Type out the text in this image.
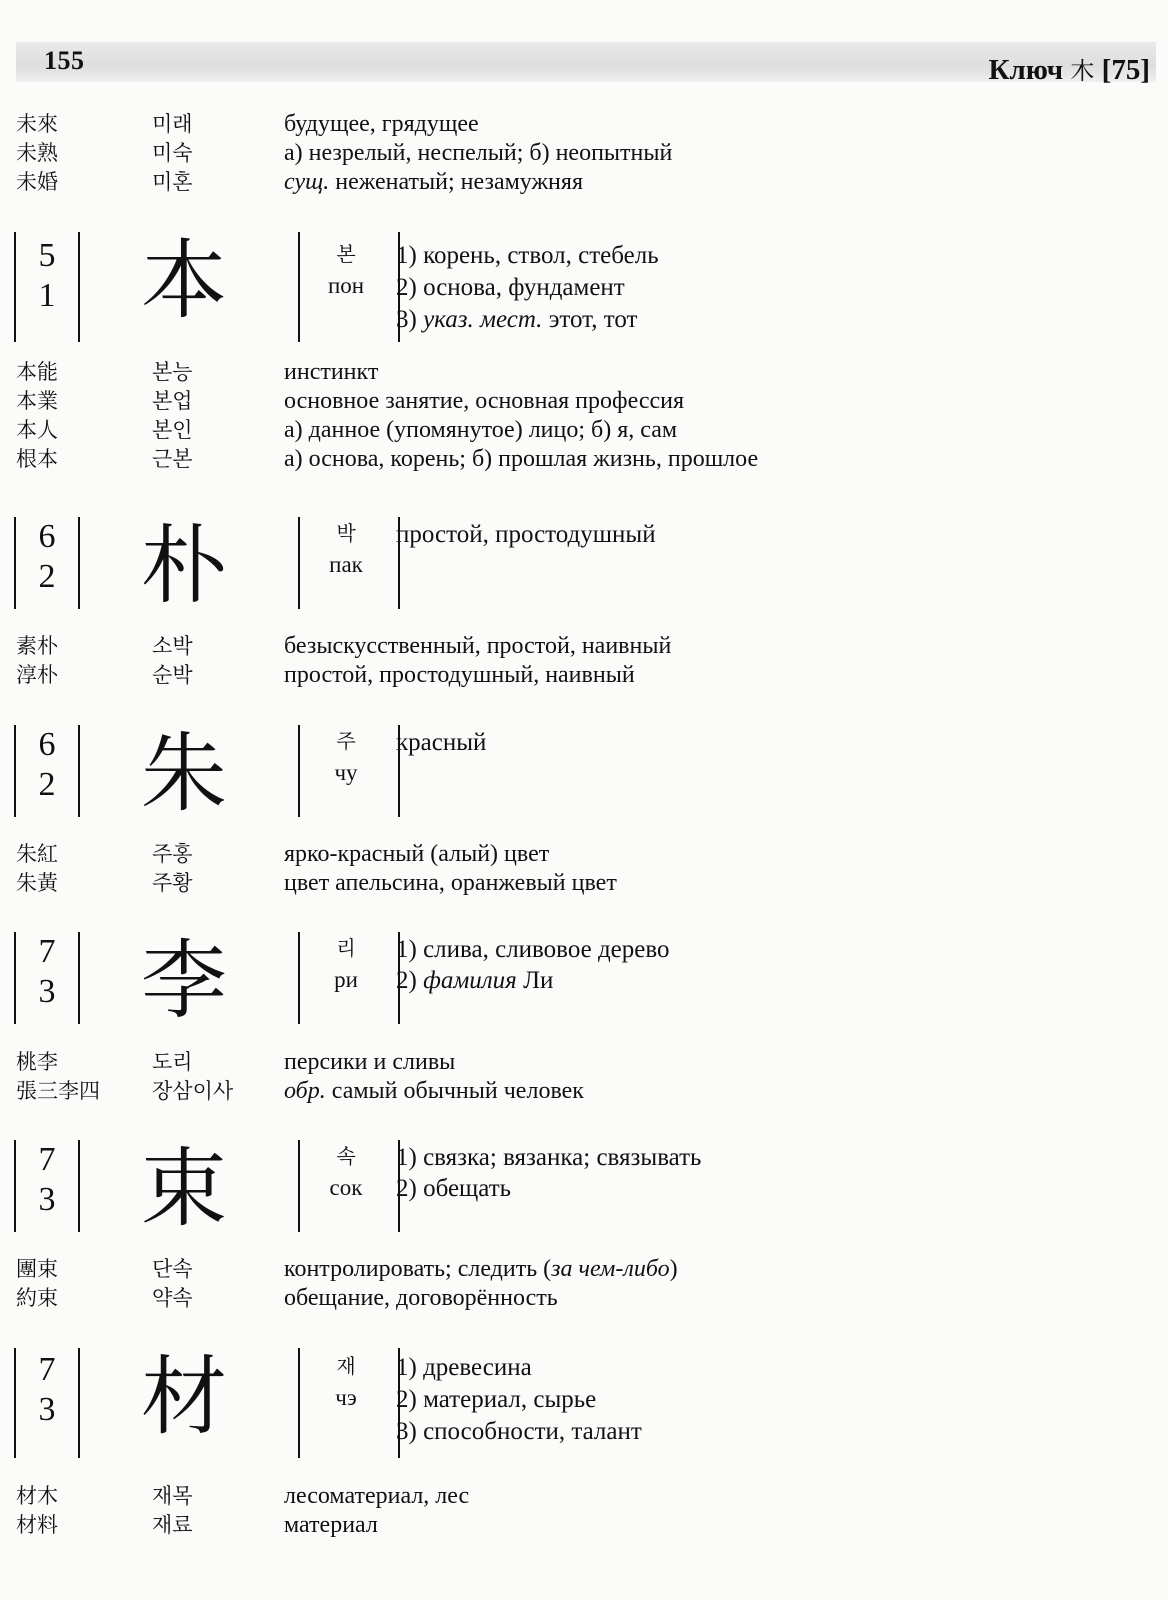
155	Ключ 木 [75]
未來	미래	будущее, грядущее
未熟	미숙	а) незрелый, неспелый; б) неопытный
未婚	미혼	сущ. неженатый; незамужняя
5
1 本	본
пон
1) корень, ствол, стебель
2) основа, фундамент
3) указ. мест. этот, тот
本能	본능	инстинкт
本業	본업	основное занятие, основная профессия
本人	본인	а) данное (упомянутое) лицо; б) я, сам
根本	근본	а) основа, корень; б) прошлая жизнь, прошлое
6
2 朴	박
пак
простой, простодушный
素朴	소박	безыскусственный, простой, наивный
淳朴	순박	простой, простодушный, наивный
6
2 朱	주
чу
красный
朱紅	주홍	ярко-красный (алый) цвет
朱黃	주황	цвет апельсина, оранжевый цвет
7
3 李	리
ри
1) слива, сливовое дерево
2) фамилия Ли
桃李	도리	персики и сливы
張三李四 장삼이사 обр. самый обычный человек
7
3 束	속
сок
1) связка; вязанка; связывать
2) обещать
團束	단속	контролировать; следить (за чем-либо)
約束	약속	обещание, договорённость
7
3 材	재
чэ
1) древесина
2) материал, сырье
3) способности, талант
材木	재목	лесоматериал, лес
材料	재료	материал
